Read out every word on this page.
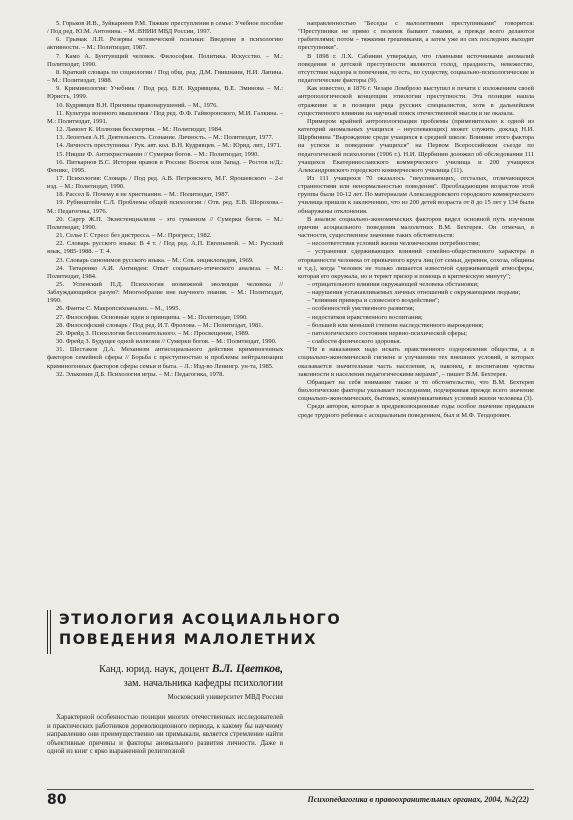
5. Горьков И.В., Зуйкарнеев Р.М. Тяжкие преступления в семье: Учебное пособие / Под ред. Ю.М. Антонина. – М.:ВНИИ МВД России, 1997.

6. Грымак Л.П. Резервы человеческой психики: Введение в психологию активности. – М.: Политиздат, 1987.

7. Камо А. Бунтующий человек. Философия. Политика. Искусство. – М.: Политиздат, 1990.

8. Краткий словарь по социологии / Под общ. ред. Д.М. Гвишиани, Н.И. Лапина. – М.: Политиздат, 1988.

9. Криминология: Учебник / Под ред. В.Н. Кудрявцева, В.Е. Эминова – М.: Юристъ, 1999.

10. Кудрявцев В.Н. Причины правонарушений. – М., 1976.

11. Культура военного мышления / Под ред. Ф.Ф. Гайворонского, М.И. Галкина. – М.: Политиздат, 1991.

12. Ламонт К. Иллюзия бессмертия. – М.: Политиздат, 1984.

13. Леонтьев А.Н. Деятельность. Сознание. Личность. – М.: Политиздат, 1977.

14. Личность преступника / Рук. авт. кол. В.Н. Кудрявцев. – М.: Юрид. лит., 1971.

15. Ницше Ф. Антихристианин // Сумерки богов. – М.: Политиздат, 1990.

16. Питкарнов В.С. История нравов в России: Восток или Запад. – Ростов н/Д.: Феникс, 1995.

17. Психология: Словарь / Под ред. А.В. Петровского, М.Г. Ярошевского – 2-е изд. – М.: Политиздат, 1990.

18. Рассел Б. Почему я не христианин. – М.: Политиздат, 1987.

19. Рубинштейн С.Л. Проблемы общей психологии / Отв. ред. Е.В. Шорохова.– М.: Педагогика, 1976.

20. Сартр Ж.П. Экзистенциализм – это гуманизм // Сумерки богов. – М.: Политиздат, 1990.

21. Селье Г. Стресс без дистресса. – М.: Прогресс, 1982.

22. Словарь русского языка: В 4 т. / Под ред. А.П. Евгеньевой. – М.: Русский язык, 1985-1988. – Т. 4.

23. Словарь синонимов русского языка. – М.: Сов. энциклопедия, 1969.

24. Титаренко А.И. Антиидеи: Опыт социально-этического анализа. – М.: Политиздат, 1984.

25. Успенский П.Д. Психология возможной эволюции человека // Заблуждающийся разум?: Многообразие вне научного знания. – М.: Политиздат, 1990.

26. Фанты С. Макропсихоанализ. – М., 1995.

27. Философия. Основные идеи и принципы. – М.: Политиздат, 1990.

28. Философский словарь / Под ред. И.Т. Фролова. – М.: Политиздат, 1981.

29. Фрейд З. Психология бессознательного. – М.: Просвещение, 1989.

30. Фрейд З. Будущее одной иллюзии // Сумерки богов. – М.: Политиздат, 1990.

31. Шестаков Д.А. Механизм антисоциального действия криминогенных факторов семейной сферы // Борьба с преступностью и проблемы нейтрализации криминогенных факторов сферы семьи и быта. – Л.: Изд-во Ленингр. ун-та, 1985.

32. Эльконин Д.Б. Психология игры. – М.: Педагогика, 1978.

ЭТИОЛОГИЯ АСОЦИАЛЬНОГО
ПОВЕДЕНИЯ МАЛОЛЕТНИХ
Канд. юрид. наук, доцент В.Л. Цветков,
зам. начальника кафедры психологии
Московский университет МВД России

Характерной особенностью позиции многих отечественных исследователей и практических работников дореволюционного периода, к какому бы научному направлению они преимущественно ни примыкали, является стремление найти объективные причины и факторы аномального развития личности. Даже в одной из книг с ярко выраженной религиозной

направленностью "Беседы с малолетними преступниками" говорится: "Преступники не прямо с пеленок бывают такими, а прежде всего делаются грабителями; потом – тяжкими грешниками, а затем уже из сих последних выходят преступники".

В 1898 г. Л.Х. Сабинин утверждал, что главными источниками аномалий поведения и детской преступности являются голод, праздность, невежество, отсутствие надзора и попечения, то есть, по существу, социально-психологические и педагогические факторы (9).

Как известно, в 1876 г. Чезаре Ломброзо выступил в печати с изложением своей антропологической концепции этиологии преступности. Эта позиция нашла отражение и в позиции ряда русских специалистов, хотя в дальнейшем существенного влияния на научный поиск отечественной мысли и не оказала.

Примером крайней антропологизации проблемы (применительно к одной из категорий аномальных учащихся – неуспевающих) может служить доклад Н.И. Щербинина "Вырождение среди учащихся в средней школе. Влияние этого фактора на успехи и поведение учащихся" на Первом Всероссийском съезде по педагогической психологии (1906 г.). Н.И. Щербинин доложил об обследовании 111 учащихся Екатеринославского коммерческого училища и 200 учащихся Александровского городского коммерческого училища (11).

Из 111 учащихся 70 оказалось "неуспевающих, отсталых, отличающихся странностями или ненормальностью поведения". Преобладающим возрастом этой группы были 10-12 лет. По материалам Александровского городского коммерческого училища пришли к заключению, что из 200 детей возраста от 8 до 15 лет у 134 были обнаружены отклонения.

В анализе социально-экономических факторов видел основной путь изучения причин асоциального поведения малолетних В.М. Бехтерев. Он отмечал, в частности, существенное значение таких обстоятельств:

– несоответствия условий жизни человеческим потребностям;

– устранения сдерживающих влияний семейно-общественного характера и оторванности человека от привычного круга лиц (от семьи, деревни, сохоза, общины и т.д.), когда "человек не только лишается известной сдерживающей атмосферы, которая его окружала, но и теряет призор и помощь в критическую минуту";

– отрицательного влияния окружающей человека обстановки;

– нарушения устанавливаемых личных отношений с окружающими людьми;

– "влияния примера и словесного воздействия";

– особенностей умственного развития;

– недостатков нравственного воспитания;

– большей или меньшей степени наследственного вырождения;

– патологического состояния нервно-психической сферы;

– слабости физического здоровья.

"Не в наказаниях надо искать нравственного оздоровления общества, а в социально-экономической гигиене и улучшении тех внешних условий, в которых оказывается значительная часть населения, и, наконец, в воспитании чувства законности и населения педагогическими мерами", – пишет В.М. Бехтерев.

Обращает на себя внимание также и то обстоятельство, что В.М. Бехтерев биологические факторы указывает последними, подчеркивая прежде всего значение социально-экономических, бытовых, коммуникативных условий жизни человека (3).

Среди авторов, которые в предреволюционные годы особое значение придавали среде трудного ребенка с асоциальным поведением, был и М.Ф. Теодорович.

80	Психопедагогика в правоохранительных органах, 2004, №2(22)
